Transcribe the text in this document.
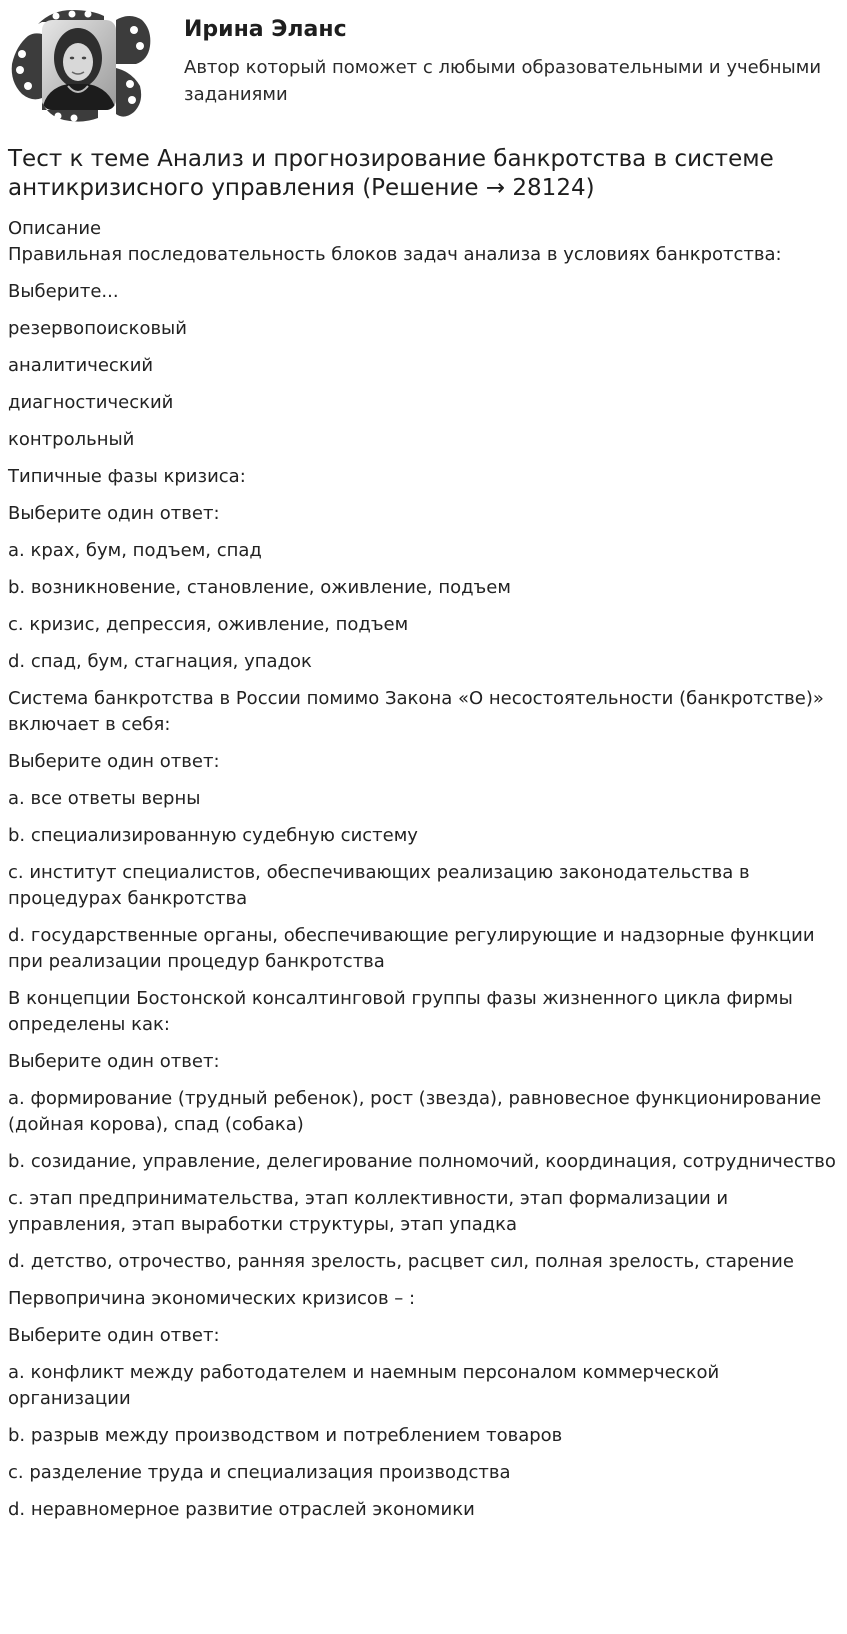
Ирина Эланс
Автор который поможет с любыми образовательными и учебными заданиями
Тест к теме Анализ и прогнозирование банкротства в системе антикризисного управления (Решение → 28124)

Описание

Правильная последовательность блоков задач анализа в условиях банкротства:

Выберите...

резервопоисковый

аналитический

диагностический

контрольный

Типичные фазы кризиса:

Выберите один ответ:

a. крах, бум, подъем, спад

b. возникновение, становление, оживление, подъем

c. кризис, депрессия, оживление, подъем

d. спад, бум, стагнация, упадок

Система банкротства в России помимо Закона «О несостоятельности (банкротстве)» включает в себя:

Выберите один ответ:

a. все ответы верны

b. специализированную судебную систему

c. институт специалистов, обеспечивающих реализацию законодательства в процедурах банкротства

d. государственные органы, обеспечивающие регулирующие и надзорные функции при реализации процедур банкротства

В концепции Бостонской консалтинговой группы фазы жизненного цикла фирмы определены как:

Выберите один ответ:

a. формирование (трудный ребенок), рост (звезда), равновесное функционирование (дойная корова), спад (собака)

b. созидание, управление, делегирование полномочий, координация, сотрудничество

c. этап предпринимательства, этап коллективности, этап формализации и управления, этап выработки структуры, этап упадка

d. детство, отрочество, ранняя зрелость, расцвет сил, полная зрелость, старение

Первопричина экономических кризисов – :

Выберите один ответ:

a. конфликт между работодателем и наемным персоналом коммерческой организации

b. разрыв между производством и потреблением товаров

c. разделение труда и специализация производства

d. неравномерное развитие отраслей экономики
